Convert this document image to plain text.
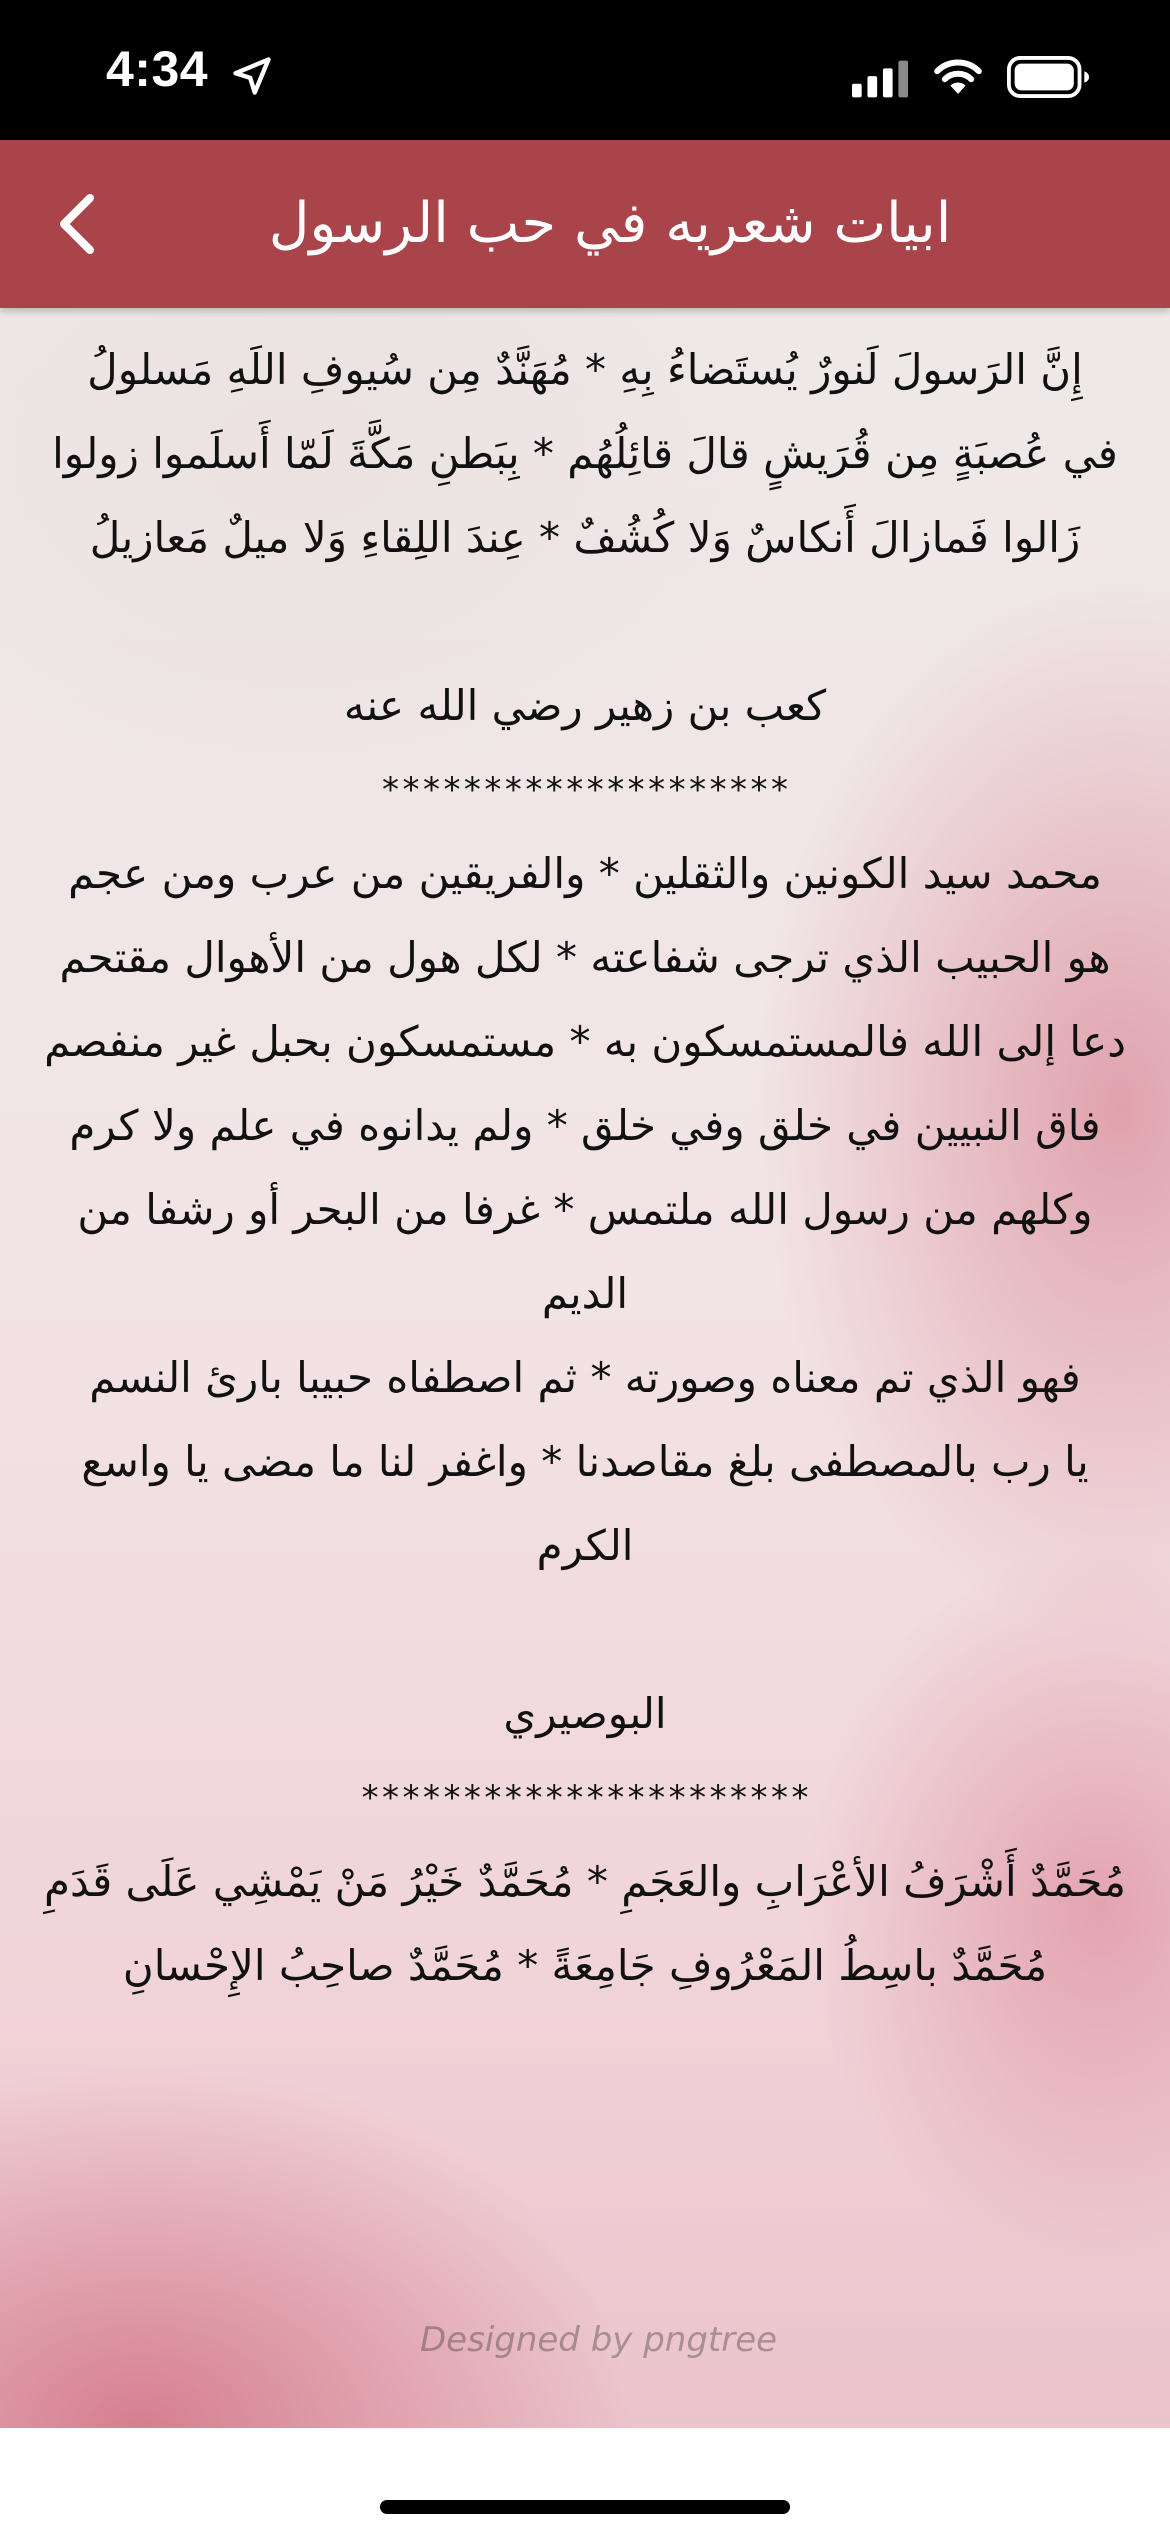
4:34
ابيات شعريه في حب الرسول
Designed by pngtree

إِنَّ الرَسولَ لَنورٌ يُستَضاءُ بِهِ * مُهَنَّدٌ مِن سُيوفِ اللَهِ مَسلولُ

في عُصبَةٍ مِن قُرَيشٍ قالَ قائِلُهُم * بِبَطنِ مَكَّةَ لَمّا أَسلَموا زولوا

زَالوا فَمازالَ أَنكاسٌ وَلا كُشُفٌ * عِندَ اللِقاءِ وَلا ميلٌ مَعازيلُ

كعب بن زهير رضي الله عنه

********************

محمد سيد الكونين والثقلين * والفريقين من عرب ومن عجم

هو الحبيب الذي ترجى شفاعته * لكل هول من الأهوال مقتحم

دعا إلى الله فالمستمسكون به * مستمسكون بحبل غير منفصم

فاق النبيين في خلق وفي خلق * ولم يدانوه في علم ولا كرم

وكلهم من رسول الله ملتمس * غرفا من البحر أو رشفا من الديم

فهو الذي تم معناه وصورته * ثم اصطفاه حبيبا بارئ النسم

يا رب بالمصطفى بلغ مقاصدنا * واغفر لنا ما مضى يا واسع الكرم

البوصيري

**********************

مُحَمَّدٌ أَشْرَفُ الأعْرَابِ والعَجَمِ * مُحَمَّدٌ خَيْرُ مَنْ يَمْشِي عَلَى قَدَمِ

مُحَمَّدٌ باسِطُ المَعْرُوفِ جَامِعَةً * مُحَمَّدٌ صاحِبُ الإِحْسانِ
